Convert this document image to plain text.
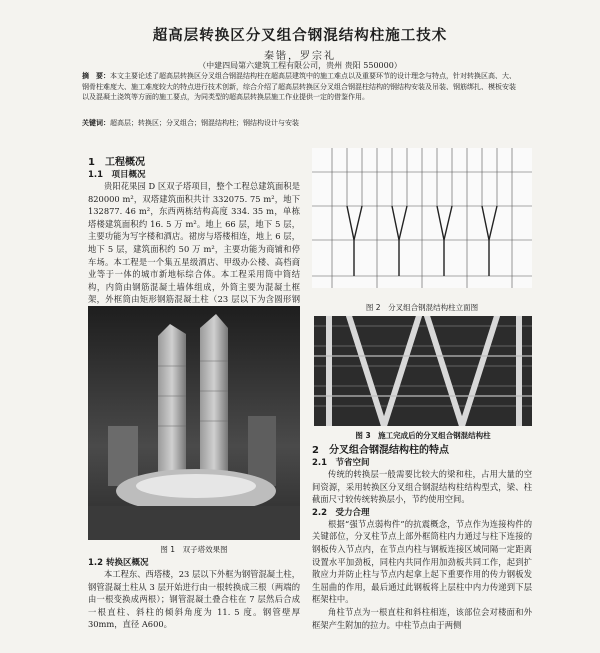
超高层转换区分叉组合钢混结构柱施工技术
秦锴，罗宗礼
（中建四局第六建筑工程有限公司，贵州 贵阳 550000）
摘　要：本文主要论述了超高层转换区分叉组合钢混结构柱在超高层建筑中的施工难点以及重要环节的设计理念与特点，针对转换区高、大、钢骨柱难度大、施工难度较大的特点进行技术创新，综合介绍了超高层转换区分叉组合钢混柱结构的钢结构安装及吊装、钢筋绑扎、模板安装以及混凝土浇筑等方面的施工要点，为同类型的超高层转换层施工作业提供一定的借鉴作用。
关键词：超高层；转换区；分叉组合；钢混结构柱；钢结构设计与安装

1　工程概况

1.1　项目概况

贵阳花果园 D 区双子塔项目，整个工程总建筑面积是 820000 m²，双塔建筑面积共计 332075. 75 m²，地下 132877. 46 m²，东西两栋结构高度 334. 35 m，单栋塔楼建筑面积约 16. 5 万 m²。地上 66 层，地下 5 层，主要功能为写字楼和酒店。裙房与塔楼相连，地上 6 层，地下 5 层，建筑面积约 50 万 m²，主要功能为商铺和停车场。本工程是一个集五星级酒店、甲级办公楼、高档商业等于一体的城市新地标综合体。本工程采用筒中筒结构，内筒由钢筋混凝土墙体组成，外筒主要为混凝土框架，外框筒由矩形钢筋混凝土柱（23 层以下为含圆形钢

图 1　双子塔效果图

1.2 转换区概况

本工程东、西塔楼，23 层以下外框为钢管混凝土柱，钢管混凝土柱从 3 层开始进行由一根转换成三根（两端的由一根变换成两根）；钢管混凝土叠合柱在 7 层然后合成一根直柱、斜柱的倾斜角度为 11. 5 度。钢管壁厚 30mm，直径 A600。

图 2　分叉组合钢混结构柱立面图
图 3　施工完成后的分叉组合钢混结构柱

2　分叉组合钢混结构柱的特点

2.1　节省空间

传统的转换层一般需要比较大的梁和柱，占用大量的空间资源，采用转换区分叉组合钢混结构柱结构型式，梁、柱截面尺寸较传统转换层小，节约使用空间。

2.2　受力合理

根据“强节点弱构件”的抗震概念，节点作为连接构件的关键部位，分叉柱节点上部外框筒柱内力通过与柱下连接的钢板传入节点内，在节点内柱与钢板连接区域同隔一定距离设置水平加劲板，同柱内共同作用加劲板共同工作，起到扩散应力并防止柱与节点内起拿上起下重要作用的传力钢板发生屈曲的作用，最后通过此钢板将上层柱中内力传递到下层框架柱中。

角柱节点为一根直柱和斜柱相连，该部位会对楼面和外框架产生附加的拉力。中柱节点由于两侧
